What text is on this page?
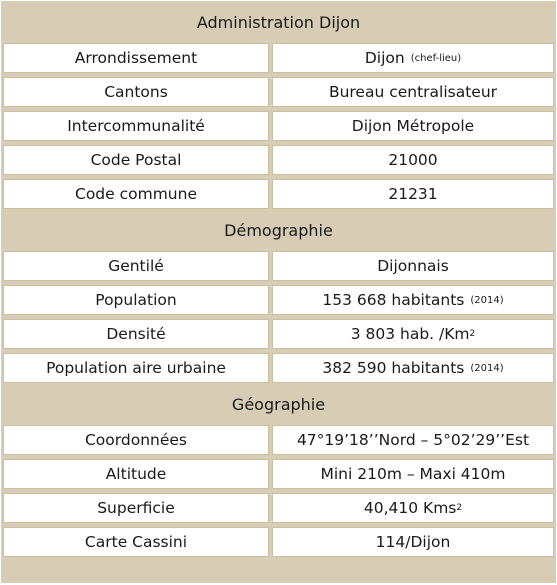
Administration Dijon
Arrondissement	Dijon (chef-lieu)
Cantons	Bureau centralisateur
Intercommunalité	Dijon Métropole
Code Postal	21000
Code commune	21231
Démographie
Gentilé	Dijonnais
Population	153 668 habitants (2014)
Densité	3 803 hab. /Km 2
Population aire urbaine	382 590 habitants (2014)
Géographie
Coordonnées	47°19’18’’Nord – 5°02’29’’Est
Altitude	Mini 210m – Maxi 410m
Superficie	40,410 Kms 2
Carte Cassini	114/Dijon
